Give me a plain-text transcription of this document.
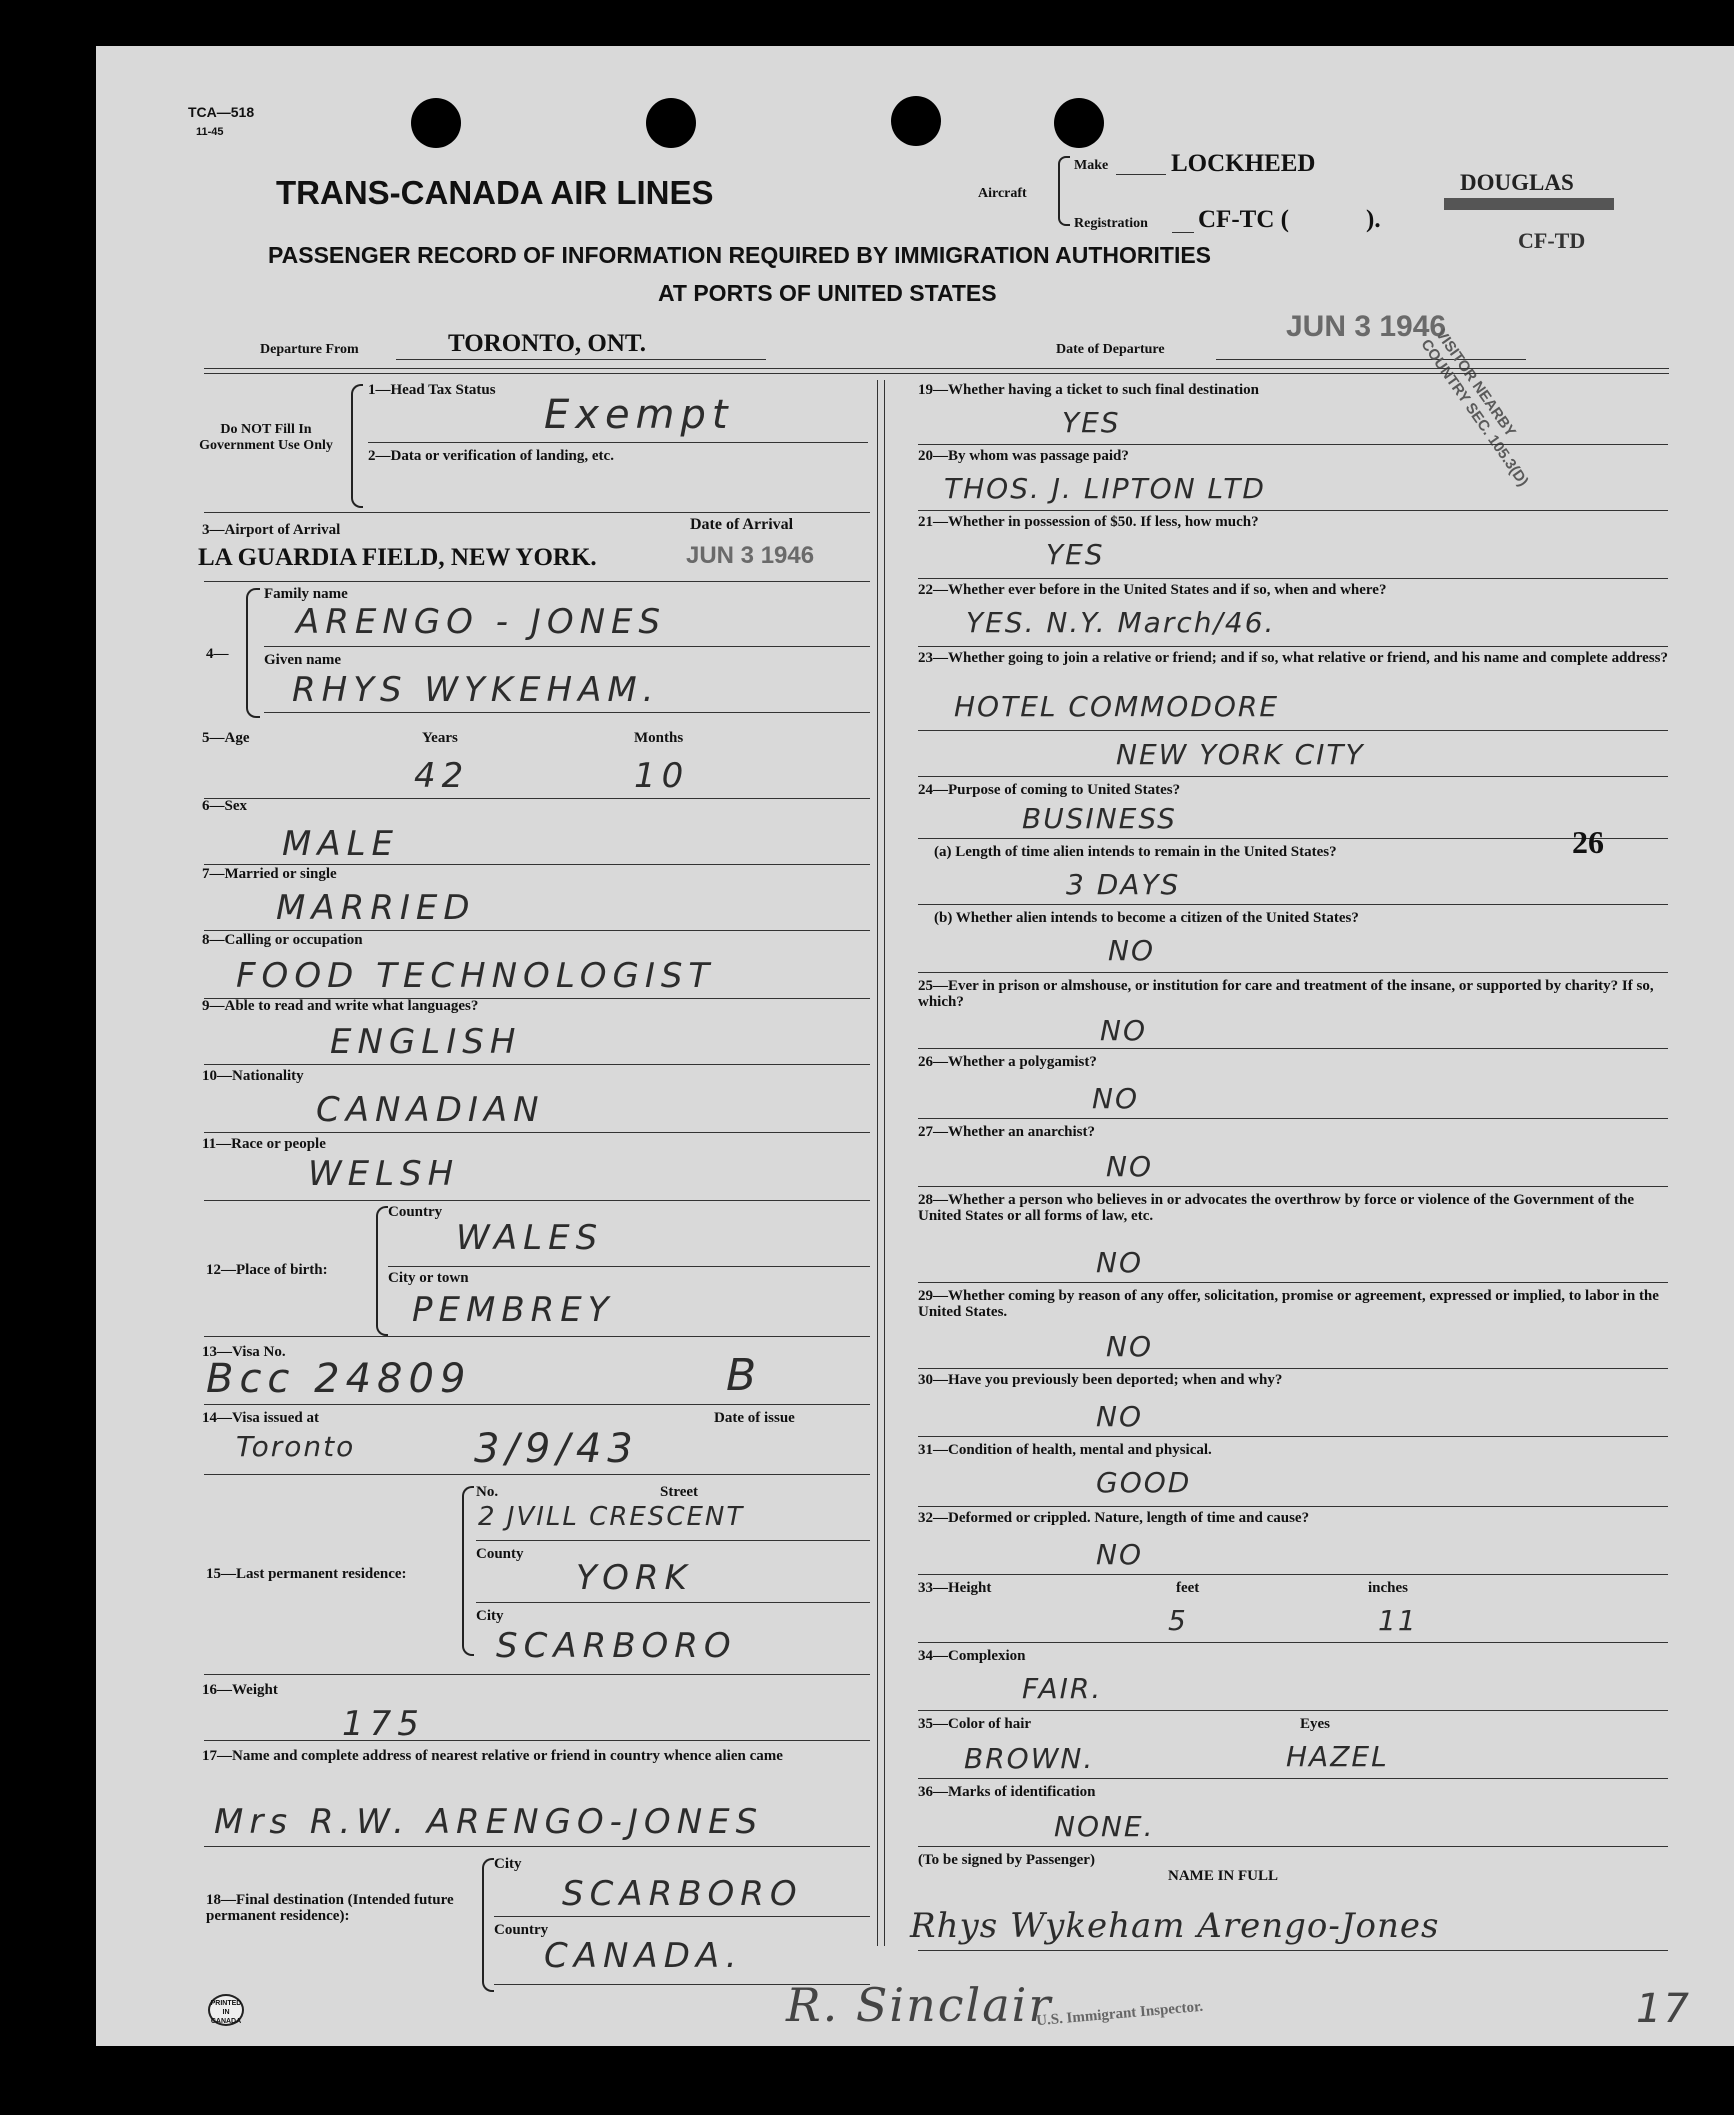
TCA—518
11-45
TRANS-CANADA AIR LINES	Aircraft
Make	LOCKHEED
Registration CF-TC (	).
DOUGLAS
CF-TD
PASSENGER RECORD OF INFORMATION REQUIRED BY IMMIGRATION AUTHORITIES
AT PORTS OF UNITED STATES
Departure From	TORONTO, ONT.	Date of Departure
JUN 3 1946
VISITOR NEARBY COUNTRY SEC. 105.3(D)
Do NOT Fill In Government Use Only
1—Head Tax Status
Exempt
2—Data or verification of landing, etc.
3—Airport of Arrival	Date of Arrival
LA GUARDIA FIELD, NEW YORK.	JUN 3 1946
4—
Family name
ARENGO - JONES
Given name
RHYS WYKEHAM.
5—Age	Years	Months
42	10
6—Sex
MALE
7—Married or single
MARRIED
8—Calling or occupation
FOOD TECHNOLOGIST
9—Able to read and write what languages?
ENGLISH
10—Nationality
CANADIAN
11—Race or people
WELSH
12—Place of birth:
Country
WALES
City or town
PEMBREY
13—Visa No.
Bcc 24809	B
14—Visa issued at	Date of issue
Toronto	3/9/43
15—Last permanent residence:
No.	Street
2 JVILL CRESCENT
County
YORK
City
SCARBORO
16—Weight
175
17—Name and complete address of nearest relative or friend in country whence alien came
Mrs R.W. ARENGO-JONES
18—Final destination (Intended future permanent residence):
City
SCARBORO
Country
CANADA.
PRINTED IN CANADA
19—Whether having a ticket to such final destination
YES
20—By whom was passage paid?
THOS. J. LIPTON LTD
21—Whether in possession of $50. If less, how much?
YES
22—Whether ever before in the United States and if so, when and where?
YES. N.Y. March/46.
23—Whether going to join a relative or friend; and if so, what relative or friend, and his name and complete address?
HOTEL COMMODORE
NEW YORK CITY
24—Purpose of coming to United States?
BUSINESS
26
(a) Length of time alien intends to remain in the United States?
3 DAYS
(b) Whether alien intends to become a citizen of the United States?
NO
25—Ever in prison or almshouse, or institution for care and treatment of the insane, or supported by charity? If so, which?
NO
26—Whether a polygamist?
NO
27—Whether an anarchist?
NO
28—Whether a person who believes in or advocates the overthrow by force or violence of the Government of the United States or all forms of law, etc.
NO
29—Whether coming by reason of any offer, solicitation, promise or agreement, expressed or implied, to labor in the United States.
NO
30—Have you previously been deported; when and why?
NO
31—Condition of health, mental and physical.
GOOD
32—Deformed or crippled. Nature, length of time and cause?
NO
33—Height	feet	inches
5	11
34—Complexion
FAIR.
35—Color of hair	Eyes
BROWN.	HAZEL
36—Marks of identification
NONE.
(To be signed by Passenger)
NAME IN FULL
Rhys Wykeham Arengo-Jones
R. Sinclair
U.S. Immigrant Inspector.	17
